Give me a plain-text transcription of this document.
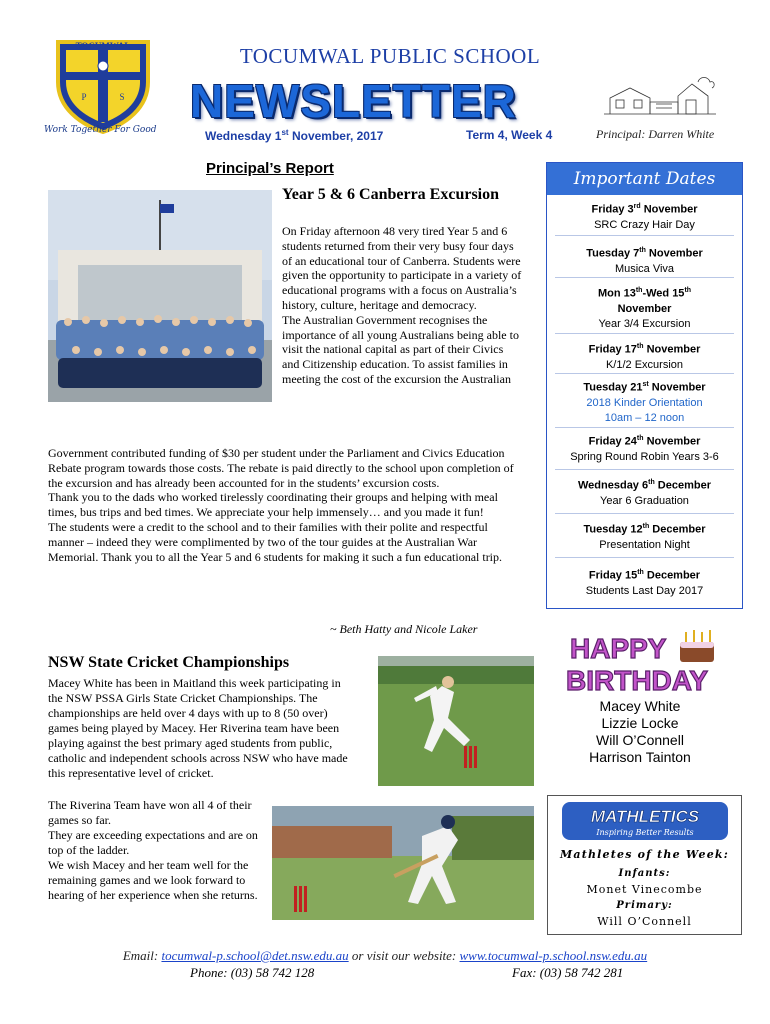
TOCUMWAL
P	S
Work Together For Good
TOCUMWAL PUBLIC SCHOOL
NEWSLETTER
Wednesday 1st November, 2017	Term 4, Week 4	Principal: Darren White
Principal’s Report
Year 5 & 6 Canberra Excursion
On Friday afternoon 48 very tired Year 5 and 6 students returned from their very busy four days of an educational tour of Canberra. Students were given the opportunity to participate in a variety of educational programs with a focus on Australia’s history, culture, heritage and democracy.
The Australian Government recognises the importance of all young Australians being able to visit the national capital as part of their Civics and Citizenship education. To assist families in meeting the cost of the excursion the Australian
Government contributed funding of $30 per student under the Parliament and Civics Education Rebate program towards those costs. The rebate is paid directly to the school upon completion of the excursion and has already been accounted for in the students’ excursion costs.
Thank you to the dads who worked tirelessly coordinating their groups and helping with meal times, bus trips and bed times. We appreciate your help immensely… and you made it fun!
The students were a credit to the school and to their families with their polite and respectful manner – indeed they were complimented by two of the tour guides at the Australian War Memorial. Thank you to all the Year 5 and 6 students for making it such a fun educational trip.
~ Beth Hatty and Nicole Laker
Important Dates
Friday 3rd November
SRC Crazy Hair Day
Tuesday 7th November
Musica Viva
Mon 13th-Wed 15th
November
Year 3/4 Excursion
Friday 17th November
K/1/2 Excursion
Tuesday 21st November
2018 Kinder Orientation
10am – 12 noon
Friday 24th November
Spring Round Robin Years 3-6
Wednesday 6th December
Year 6 Graduation
Tuesday 12th December
Presentation Night
Friday 15th December
Students Last Day 2017
NSW State Cricket Championships
Macey White has been in Maitland this week participating in the NSW PSSA Girls State Cricket Championships. The championships are held over 4 days with up to 8 (50 over) games being played by Macey. Her Riverina team have been playing against the best primary aged students from public, catholic and independent schools across NSW who have made this representative level of cricket.
The Riverina Team have won all 4 of their games so far.
They are exceeding expectations and are on top of the ladder.
We wish Macey and her team well for the remaining games and we look forward to hearing of her experience when she returns.
HAPPY
BIRTHDAY
Macey White
Lizzie Locke
Will O’Connell
Harrison Tainton
MATHLETICS
Inspiring Better Results
Mathletes of the Week:
Infants:
Monet Vinecombe
Primary:
Will O’Connell
Email: tocumwal-p.school@det.nsw.edu.au or visit our website: www.tocumwal-p.school.nsw.edu.au
Phone: (03) 58 742 128	Fax: (03) 58 742 281
